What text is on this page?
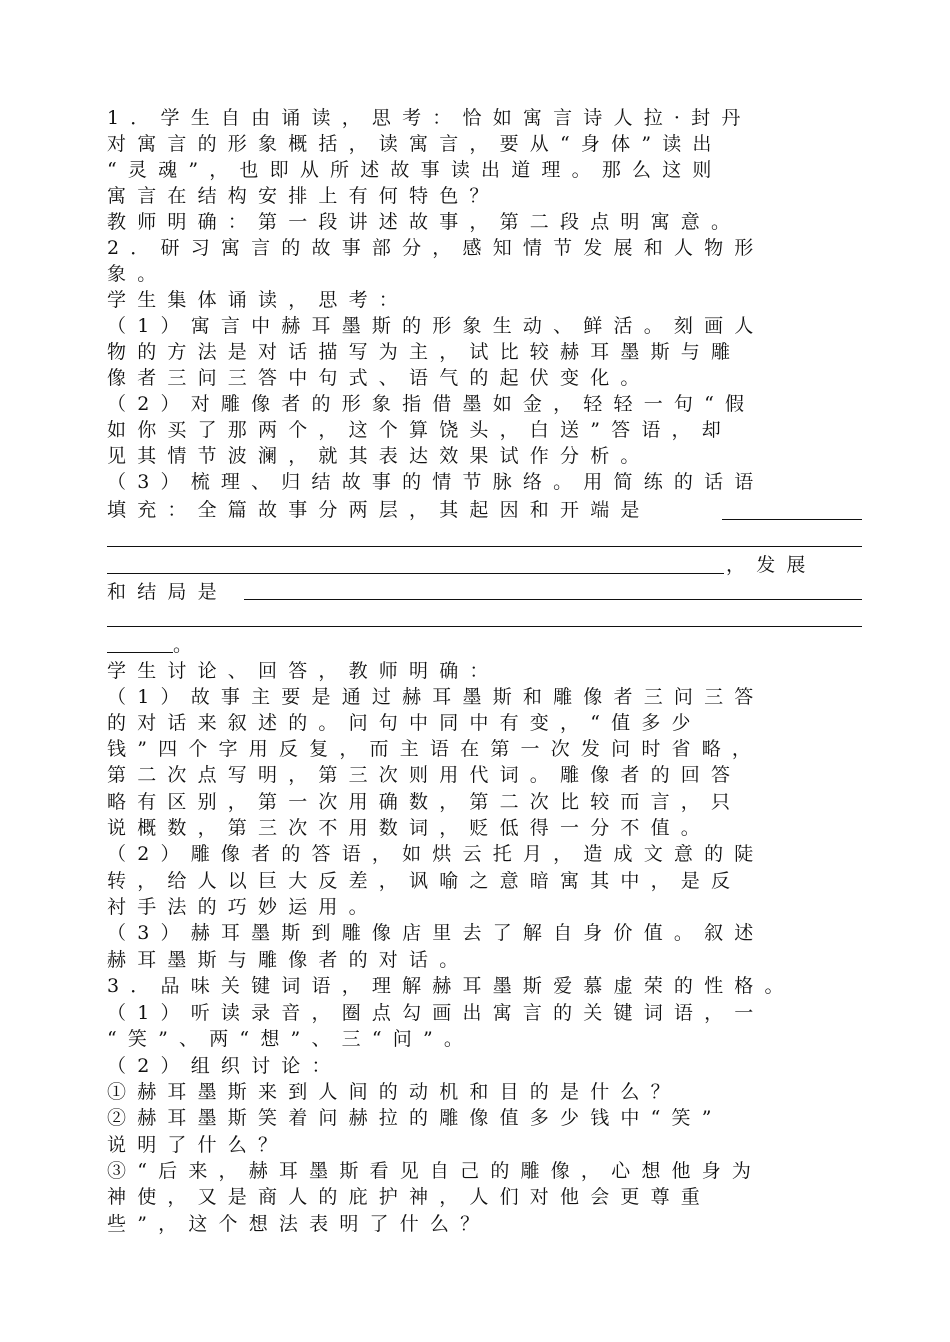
1．学生自由诵读，思考：恰如寓言诗人拉·封丹
对寓言的形象概括，读寓言，要从“身体”读出
“灵魂”，也即从所述故事读出道理。那么这则
寓言在结构安排上有何特色？
教师明确：第一段讲述故事，第二段点明寓意。
2．研习寓言的故事部分，感知情节发展和人物形
象。
学生集体诵读，思考：
（1）寓言中赫耳墨斯的形象生动、鲜活。刻画人
物的方法是对话描写为主，试比较赫耳墨斯与雕
像者三问三答中句式、语气的起伏变化。
（2）对雕像者的形象指借墨如金，轻轻一句“假
如你买了那两个，这个算饶头，白送”答语，却
见其情节波澜，就其表达效果试作分析。
（3）梳理、归结故事的情节脉络。用简练的话语
填充：全篇故事分两层，其起因和开端是
，发展
和结局是
。
学生讨论、回答，教师明确：
（1）故事主要是通过赫耳墨斯和雕像者三问三答
的对话来叙述的。问句中同中有变，“值多少
钱”四个字用反复，而主语在第一次发问时省略，
第二次点写明，第三次则用代词。雕像者的回答
略有区别，第一次用确数，第二次比较而言，只
说概数，第三次不用数词，贬低得一分不值。
（2）雕像者的答语，如烘云托月，造成文意的陡
转，给人以巨大反差，讽喻之意暗寓其中，是反
衬手法的巧妙运用。
（3）赫耳墨斯到雕像店里去了解自身价值。叙述
赫耳墨斯与雕像者的对话。
3．品味关键词语，理解赫耳墨斯爱慕虚荣的性格。
（1）听读录音，圈点勾画出寓言的关键词语，一
“笑”、两“想”、三“问”。
（2）组织讨论：
①赫耳墨斯来到人间的动机和目的是什么？
②赫耳墨斯笑着问赫拉的雕像值多少钱中“笑”
说明了什么？
③“后来，赫耳墨斯看见自己的雕像，心想他身为
神使，又是商人的庇护神，人们对他会更尊重
些”，这个想法表明了什么？
